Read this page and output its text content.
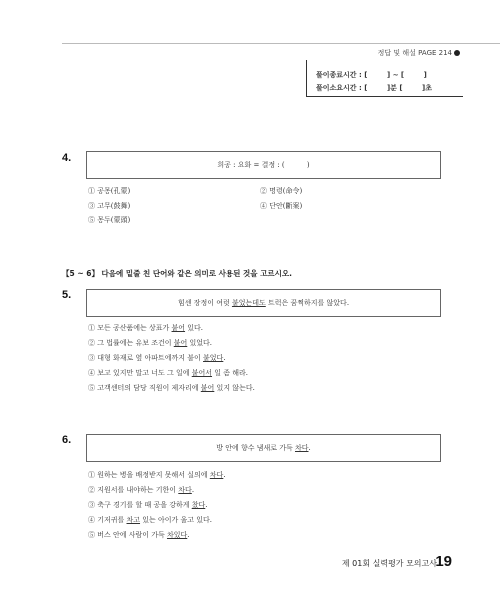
정답 및 해설 PAGE 214
풀이종료시간 : [        ] ~ [        ]
풀이소요시간 : [        ]분 [        ]초
4.
희공 : 요화 = 결정 : (          )
① 공몽(孔蒙)	② 명령(命令)
③ 고무(鼓舞)	④ 단안(斷案)
⑤ 몽두(蒙頭)
【5 ~ 6】 다음에 밑줄 친 단어와 같은 의미로 사용된 것을 고르시오.
5.
힘센 장정이 여럿 붙었는데도 트럭은 꿈쩍하지를 않았다.
① 모든 공산품에는 상표가 붙어 있다.
② 그 법률에는 유보 조건이 붙어 있었다.
③ 대형 화재로 옆 아파트에까지 불이 붙었다.
④ 보고 있지만 말고 너도 그 일에 붙어서 일 좀 해라.
⑤ 고객센터의 담당 직원이 제자리에 붙어 있지 않는다.
6.
방 안에 향수 냄새로 가득 차다.
① 원하는 병을 배정받지 못해서 실의에 차다.
② 지원서를 내야하는 기한이 차다.
③ 축구 경기를 할 때 공을 강하게 찼다.
④ 기저귀를 차고 있는 아이가 울고 있다.
⑤ 버스 안에 사람이 가득 차있다.
제 01회 실력평가 모의고사
19
